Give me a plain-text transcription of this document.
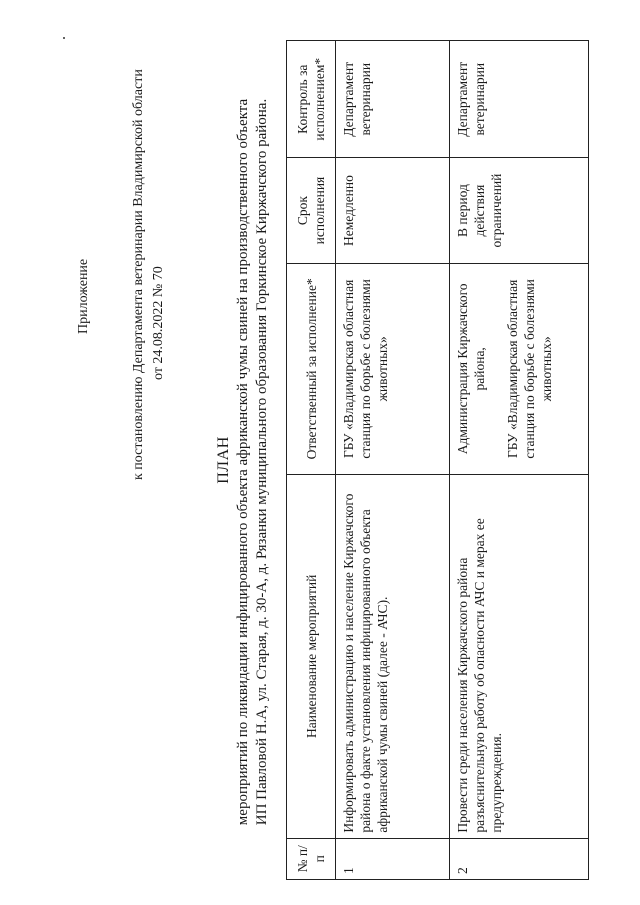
Приложение	к постановлению Департамента ветеринарии Владимирской области от 24.08.2022 № 70
ПЛАН мероприятий по ликвидации инфицированного объекта африканской чумы свиней на производственного объекта ИП Павловой Н.А, ул. Старая, д. 30-А, д. Рязанки муниципального образования Горкинское Киржачского района.
№ п/п	Наименование мероприятий	Ответственный за исполнение*	Срок исполнения	Контроль за исполнением*
1	Информировать администрацию и население Киржачского района о факте установления инфицированного объекта африканской чумы свиней (далее - АЧС).	ГБУ «Владимирская областная станция по борьбе с болезнями животных»	Немедленно	Департамент ветеринарии
2	Провести среди населения Киржачского района разъяснительную работу об опасности АЧС и мерах ее предупреждения.	Администрация Киржачского района, ГБУ «Владимирская областная станция по борьбе с болезнями животных»	В период действия ограничений	Департамент ветеринарии
